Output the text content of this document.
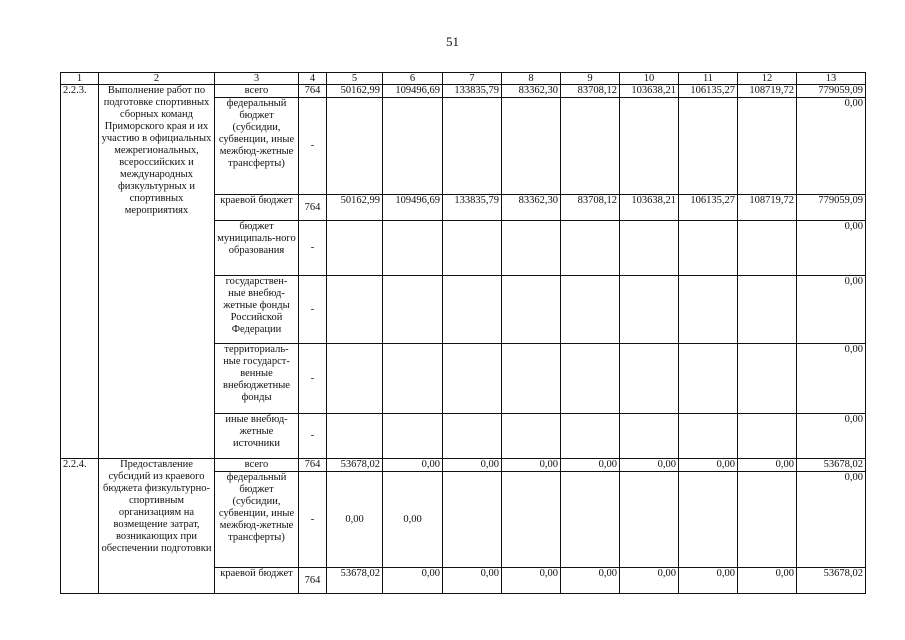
51
1	2	3	4	5	6	7	8	9	10	11	12	13
2.2.3.	Выполнение работ по подготовке спортивных сборных команд Приморского края и их участию в официальных межрегиональных, всероссийских и международных физкультурных и спортивных мероприятиях	всего	764	50162,99	109496,69	133835,79	83362,30	83708,12	103638,21	106135,27	108719,72	779059,09
		федеральный бюджет (субсидии, субвенции, иные межбюд-жетные трансферты)	-									0,00
		краевой бюджет	764	50162,99	109496,69	133835,79	83362,30	83708,12	103638,21	106135,27	108719,72	779059,09
		бюджет муниципаль-ного образования	-									0,00
		государствен-ные внебюд-жетные фонды Российской Федерации	-									0,00
		территориаль-ные государст-венные внебюджетные фонды	-									0,00
		иные внебюд-жетные источники	-									0,00
2.2.4.	Предоставление субсидий из краевого бюджета физкультурно-спортивным организациям на возмещение затрат, возникающих при обеспечении подготовки	всего	764	53678,02	0,00	0,00	0,00	0,00	0,00	0,00	0,00	53678,02
		федеральный бюджет (субсидии, субвенции, иные межбюд-жетные трансферты)	-	0,00	0,00							0,00
		краевой бюджет	764	53678,02	0,00	0,00	0,00	0,00	0,00	0,00	0,00	53678,02
